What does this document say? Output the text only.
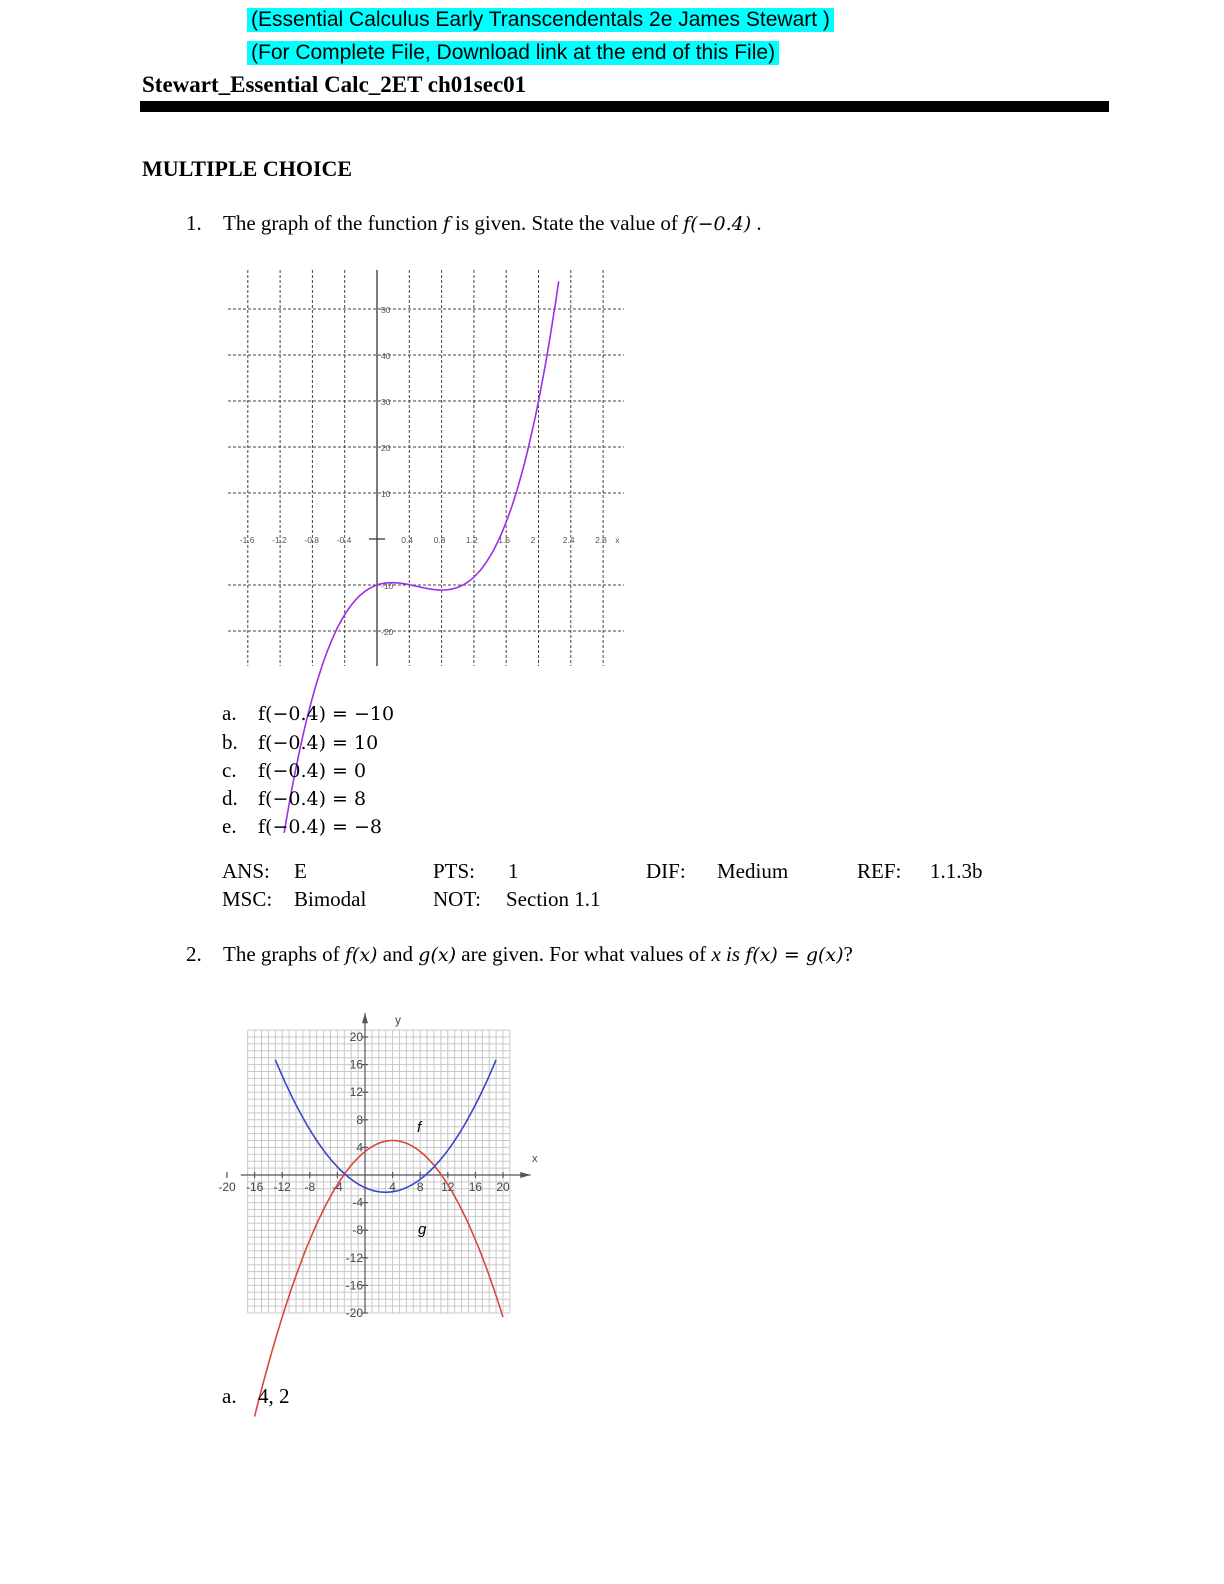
(Essential Calculus Early Transcendentals 2e James Stewart )
(For Complete File, Download link at the end of this File)
Stewart_Essential Calc_2ET ch01sec01
MULTIPLE CHOICE
1. The graph of the function f is given. State the value of f(−0.4) .
-1.6 -1.2 -0.8 -0.4	0.4 0.8 1.2 1.6 2	2.4 2.8 x
50
40
30
20
10
-10
-20
a. f(−0.4) = −10
b. f(−0.4) = 10
c. f(−0.4) = 0
d. f(−0.4) = 8
e. f(−0.4) = −8
ANS: E	PTS: 1	DIF: Medium	REF: 1.1.3b
MSC: Bimodal	NOT: Section 1.1
2. The graphs of f(x) and g(x) are given. For what values of x is f(x) = g(x)?
-20 -16 -12 -8 -4	4 8 12 16 20
20
16
12
8
4
-4
-8
-12
-16
-20
f
g
x
y
a. 4, 2
